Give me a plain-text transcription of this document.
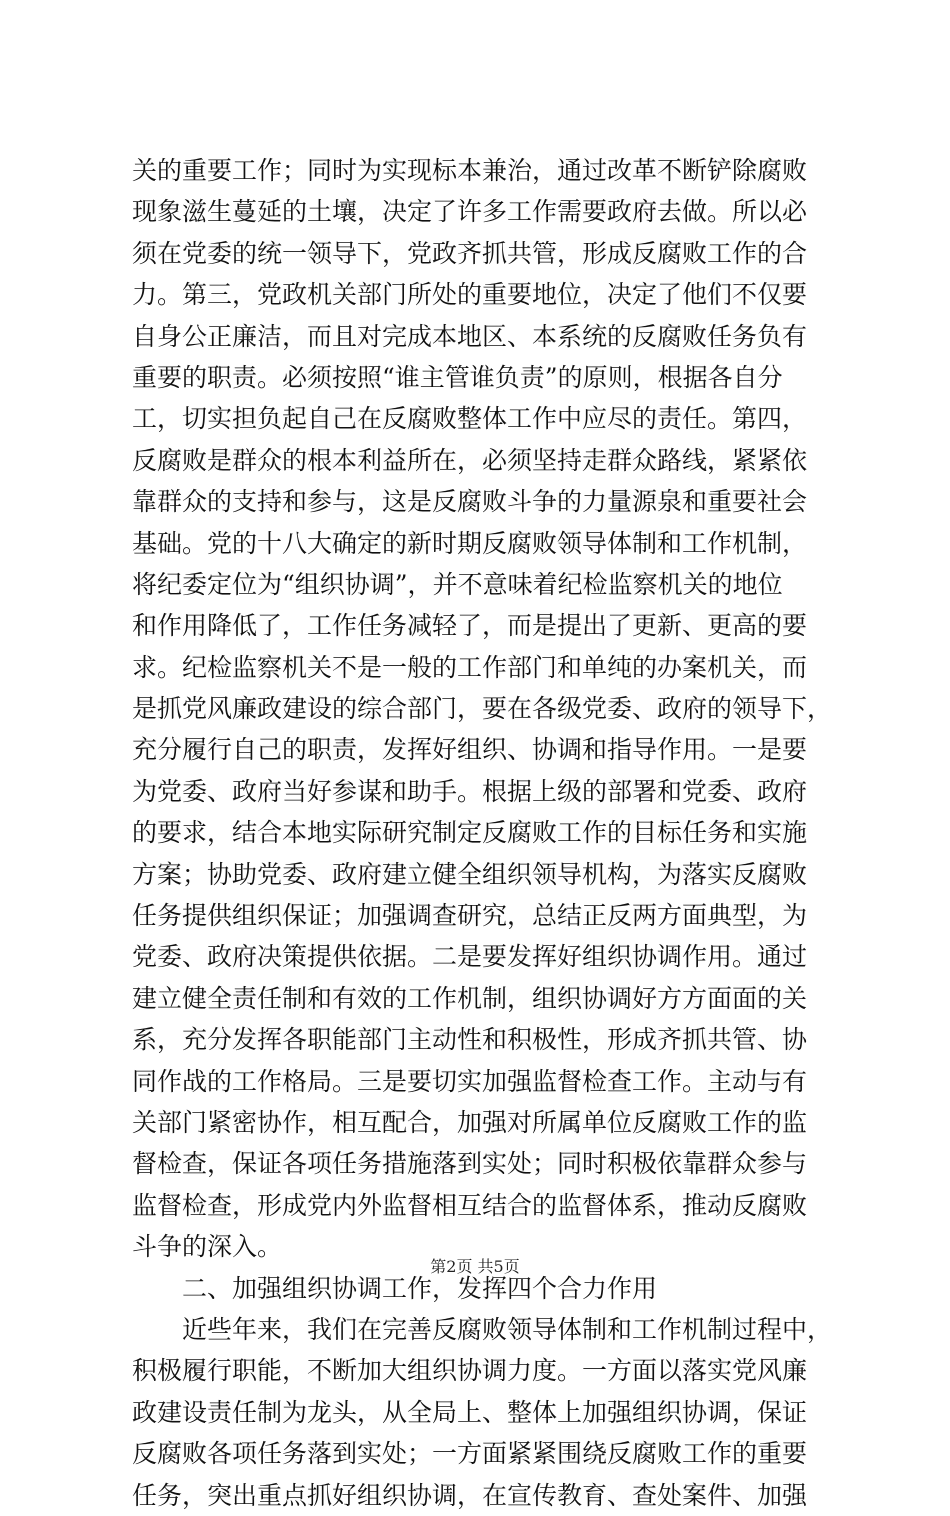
关的重要工作；同时为实现标本兼治，通过改革不断铲除腐败
现象滋生蔓延的土壤，决定了许多工作需要政府去做。所以必
须在党委的统一领导下，党政齐抓共管，形成反腐败工作的合
力。第三，党政机关部门所处的重要地位，决定了他们不仅要
自身公正廉洁，而且对完成本地区、本系统的反腐败任务负有
重要的职责。必须按照“谁主管谁负责”的原则，根据各自分
工，切实担负起自己在反腐败整体工作中应尽的责任。第四，
反腐败是群众的根本利益所在，必须坚持走群众路线，紧紧依
靠群众的支持和参与，这是反腐败斗争的力量源泉和重要社会
基础。党的十八大确定的新时期反腐败领导体制和工作机制，
将纪委定位为“组织协调”，并不意味着纪检监察机关的地位
和作用降低了，工作任务减轻了，而是提出了更新、更高的要
求。纪检监察机关不是一般的工作部门和单纯的办案机关，而
是抓党风廉政建设的综合部门，要在各级党委、政府的领导下，
充分履行自己的职责，发挥好组织、协调和指导作用。一是要
为党委、政府当好参谋和助手。根据上级的部署和党委、政府
的要求，结合本地实际研究制定反腐败工作的目标任务和实施
方案；协助党委、政府建立健全组织领导机构，为落实反腐败
任务提供组织保证；加强调查研究，总结正反两方面典型，为
党委、政府决策提供依据。二是要发挥好组织协调作用。通过
建立健全责任制和有效的工作机制，组织协调好方方面面的关
系，充分发挥各职能部门主动性和积极性，形成齐抓共管、协
同作战的工作格局。三是要切实加强监督检查工作。主动与有
关部门紧密协作，相互配合，加强对所属单位反腐败工作的监
督检查，保证各项任务措施落到实处；同时积极依靠群众参与
监督检查，形成党内外监督相互结合的监督体系，推动反腐败
斗争的深入。
二、加强组织协调工作，发挥四个合力作用
近些年来，我们在完善反腐败领导体制和工作机制过程中，
积极履行职能，不断加大组织协调力度。一方面以落实党风廉
政建设责任制为龙头，从全局上、整体上加强组织协调，保证
反腐败各项任务落到实处；一方面紧紧围绕反腐败工作的重要
任务，突出重点抓好组织协调，在宣传教育、查处案件、加强
第2页 共5页
